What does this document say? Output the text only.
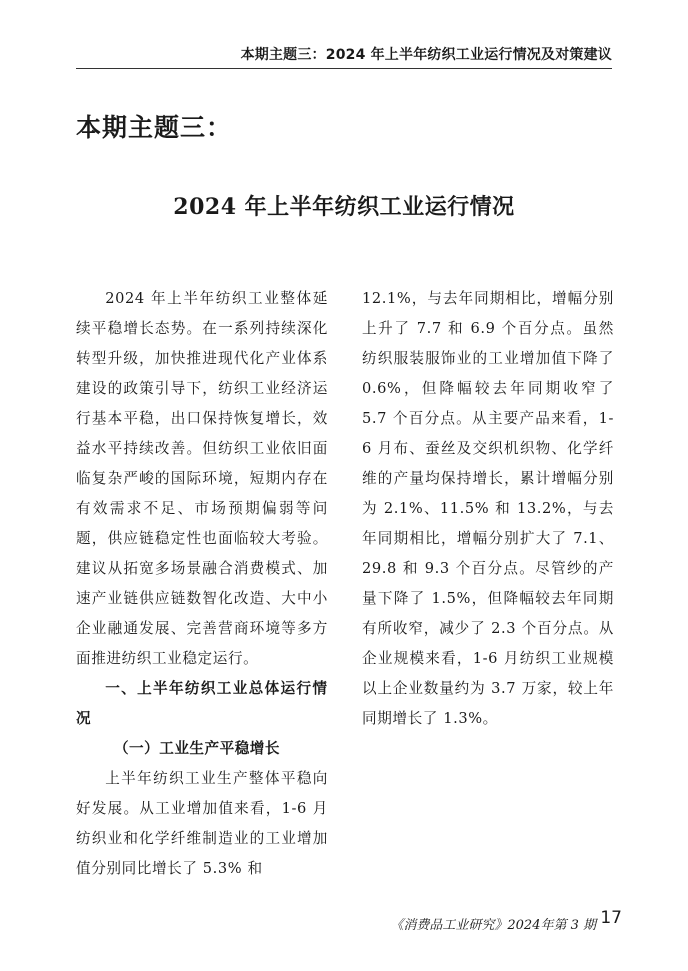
本期主题三：2024 年上半年纺织工业运行情况及对策建议
本期主题三：
2024 年上半年纺织工业运行情况

2024 年上半年纺织工业整体延续平稳增长态势。在一系列持续深化转型升级，加快推进现代化产业体系建设的政策引导下，纺织工业经济运行基本平稳，出口保持恢复增长，效益水平持续改善。但纺织工业依旧面临复杂严峻的国际环境，短期内存在有效需求不足、市场预期偏弱等问题，供应链稳定性也面临较大考验。建议从拓宽多场景融合消费模式、加速产业链供应链数智化改造、大中小企业融通发展、完善营商环境等多方面推进纺织工业稳定运行。

一、上半年纺织工业总体运行情况

（一）工业生产平稳增长

上半年纺织工业生产整体平稳向好发展。从工业增加值来看，1-6 月纺织业和化学纤维制造业的工业增加值分别同比增长了 5.3% 和

12.1%，与去年同期相比，增幅分别上升了 7.7 和 6.9 个百分点。虽然纺织服装服饰业的工业增加值下降了 0.6%，但降幅较去年同期收窄了 5.7 个百分点。从主要产品来看，1-6 月布、蚕丝及交织机织物、化学纤维的产量均保持增长，累计增幅分别为 2.1%、11.5% 和 13.2%，与去年同期相比，增幅分别扩大了 7.1、29.8 和 9.3 个百分点。尽管纱的产量下降了 1.5%，但降幅较去年同期有所收窄，减少了 2.3 个百分点。从企业规模来看，1-6 月纺织工业规模以上企业数量约为 3.7 万家，较上年同期增长了 1.3%。

《消费品工业研究》2024年第 3 期 17
